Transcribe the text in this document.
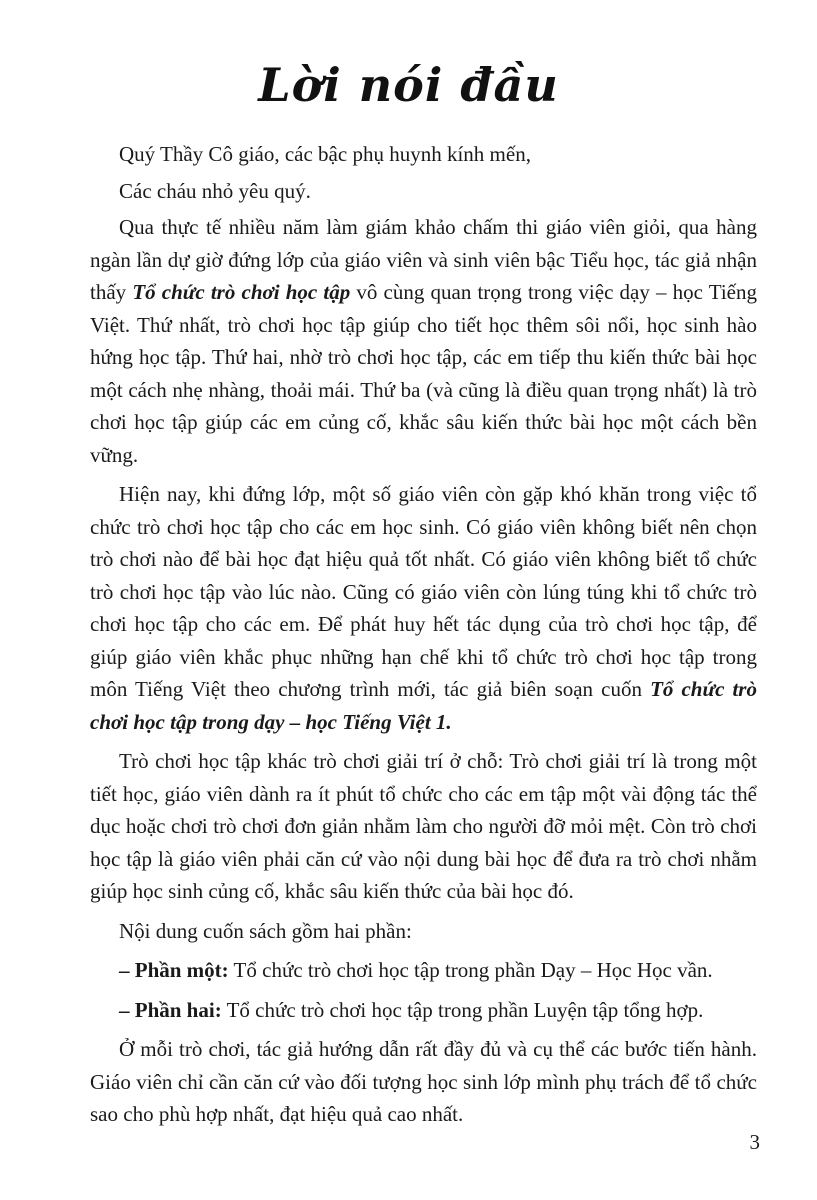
Lời nói đầu

Quý Thầy Cô giáo, các bậc phụ huynh kính mến,

Các cháu nhỏ yêu quý.

Qua thực tế nhiều năm làm giám khảo chấm thi giáo viên giỏi, qua hàng ngàn lần dự giờ đứng lớp của giáo viên và sinh viên bậc Tiểu học, tác giả nhận thấy Tổ chức trò chơi học tập vô cùng quan trọng trong việc dạy – học Tiếng Việt. Thứ nhất, trò chơi học tập giúp cho tiết học thêm sôi nổi, học sinh hào hứng học tập. Thứ hai, nhờ trò chơi học tập, các em tiếp thu kiến thức bài học một cách nhẹ nhàng, thoải mái. Thứ ba (và cũng là điều quan trọng nhất) là trò chơi học tập giúp các em củng cố, khắc sâu kiến thức bài học một cách bền vững.

Hiện nay, khi đứng lớp, một số giáo viên còn gặp khó khăn trong việc tổ chức trò chơi học tập cho các em học sinh. Có giáo viên không biết nên chọn trò chơi nào để bài học đạt hiệu quả tốt nhất. Có giáo viên không biết tổ chức trò chơi học tập vào lúc nào. Cũng có giáo viên còn lúng túng khi tổ chức trò chơi học tập cho các em. Để phát huy hết tác dụng của trò chơi học tập, để giúp giáo viên khắc phục những hạn chế khi tổ chức trò chơi học tập trong môn Tiếng Việt theo chương trình mới, tác giả biên soạn cuốn Tổ chức trò chơi học tập trong dạy – học Tiếng Việt 1.

Trò chơi học tập khác trò chơi giải trí ở chỗ: Trò chơi giải trí là trong một tiết học, giáo viên dành ra ít phút tổ chức cho các em tập một vài động tác thể dục hoặc chơi trò chơi đơn giản nhằm làm cho người đỡ mỏi mệt. Còn trò chơi học tập là giáo viên phải căn cứ vào nội dung bài học để đưa ra trò chơi nhằm giúp học sinh củng cố, khắc sâu kiến thức của bài học đó.

Nội dung cuốn sách gồm hai phần:

– Phần một: Tổ chức trò chơi học tập trong phần Dạy – Học Học vần.

– Phần hai: Tổ chức trò chơi học tập trong phần Luyện tập tổng hợp.

Ở mỗi trò chơi, tác giả hướng dẫn rất đầy đủ và cụ thể các bước tiến hành. Giáo viên chỉ cần căn cứ vào đối tượng học sinh lớp mình phụ trách để tổ chức sao cho phù hợp nhất, đạt hiệu quả cao nhất.

3
